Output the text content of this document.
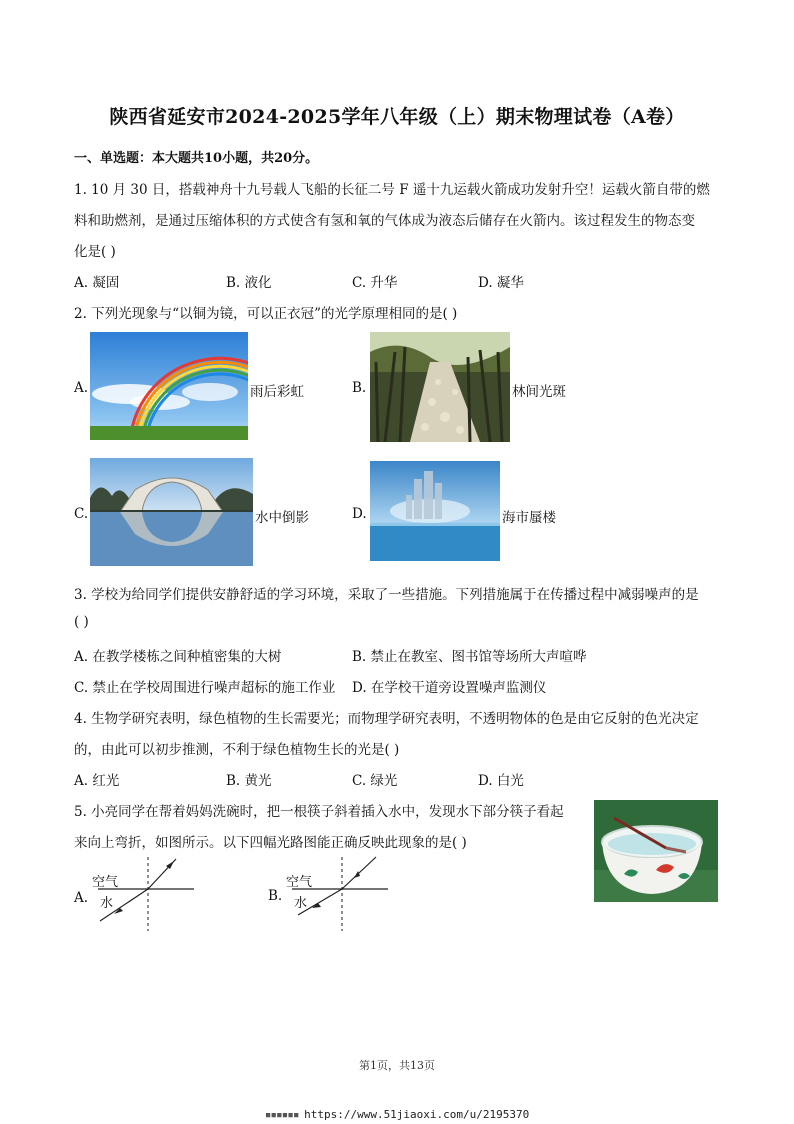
陕西省延安市2024-2025学年八年级（上）期末物理试卷（A卷）
一、单选题：本大题共10小题，共20分。
1. 10 月 30 日，搭载神舟十九号载人飞船的长征二号 F 遥十九运载火箭成功发射升空！运载火箭自带的燃
料和助燃剂，是通过压缩体积的方式使含有氢和氧的气体成为液态后储存在火箭内。该过程发生的物态变
化是( )
A. 凝固	B. 液化	C. 升华	D. 凝华
2. 下列光现象与“以铜为镜，可以正衣冠”的光学原理相同的是( )
A.	雨后彩虹	B.	林间光斑
C.	水中倒影	D.	海市蜃楼
3. 学校为给同学们提供安静舒适的学习环境，采取了一些措施。下列措施属于在传播过程中减弱噪声的是
( )
A. 在教学楼栋之间种植密集的大树	B. 禁止在教室、图书馆等场所大声喧哗
C. 禁止在学校周围进行噪声超标的施工作业 D. 在学校干道旁设置噪声监测仪
4. 生物学研究表明，绿色植物的生长需要光；而物理学研究表明，不透明物体的色是由它反射的色光决定
的，由此可以初步推测，不利于绿色植物生长的光是( )
A. 红光	B. 黄光	C. 绿光	D. 白光
5. 小亮同学在帮着妈妈洗碗时，把一根筷子斜着插入水中，发现水下部分筷子看起
来向上弯折，如图所示。以下四幅光路图能正确反映此现象的是( )
A.
空气
水	B.
空气
水
第1页，共13页
▪▪▪▪▪▪ https://www.51jiaoxi.com/u/2195370
